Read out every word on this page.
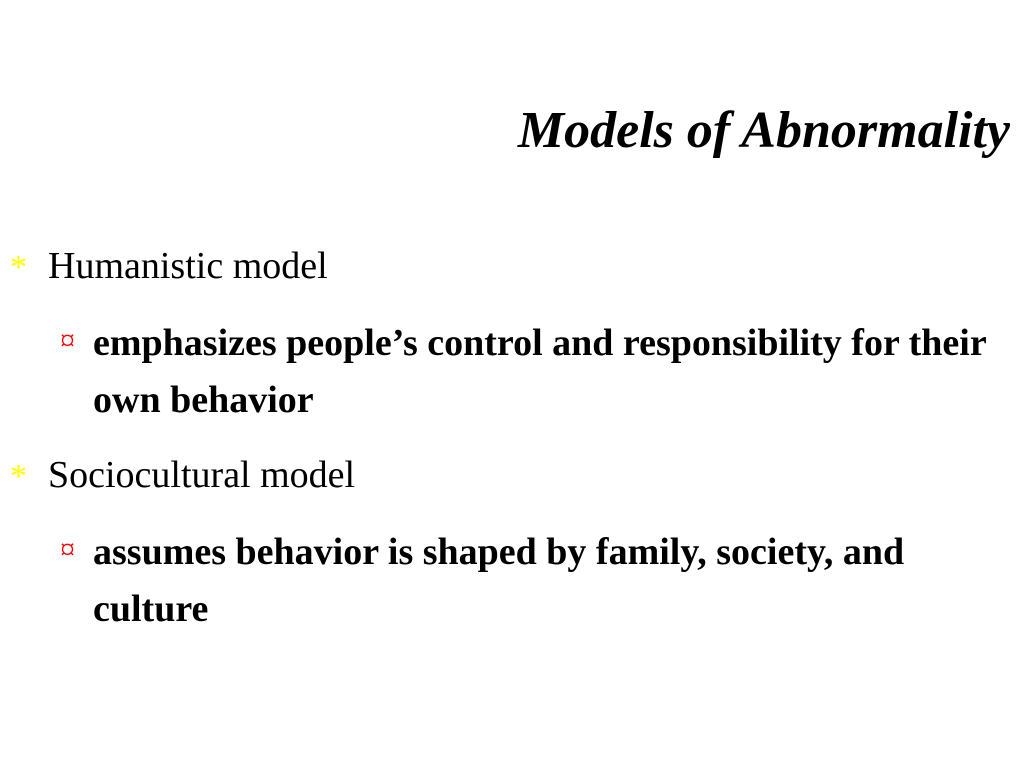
Models of Abnormality
* Humanistic model
¤ emphasizes people’s control and responsibility for their own behavior
* Sociocultural model
¤ assumes behavior is shaped by family, society, and culture
